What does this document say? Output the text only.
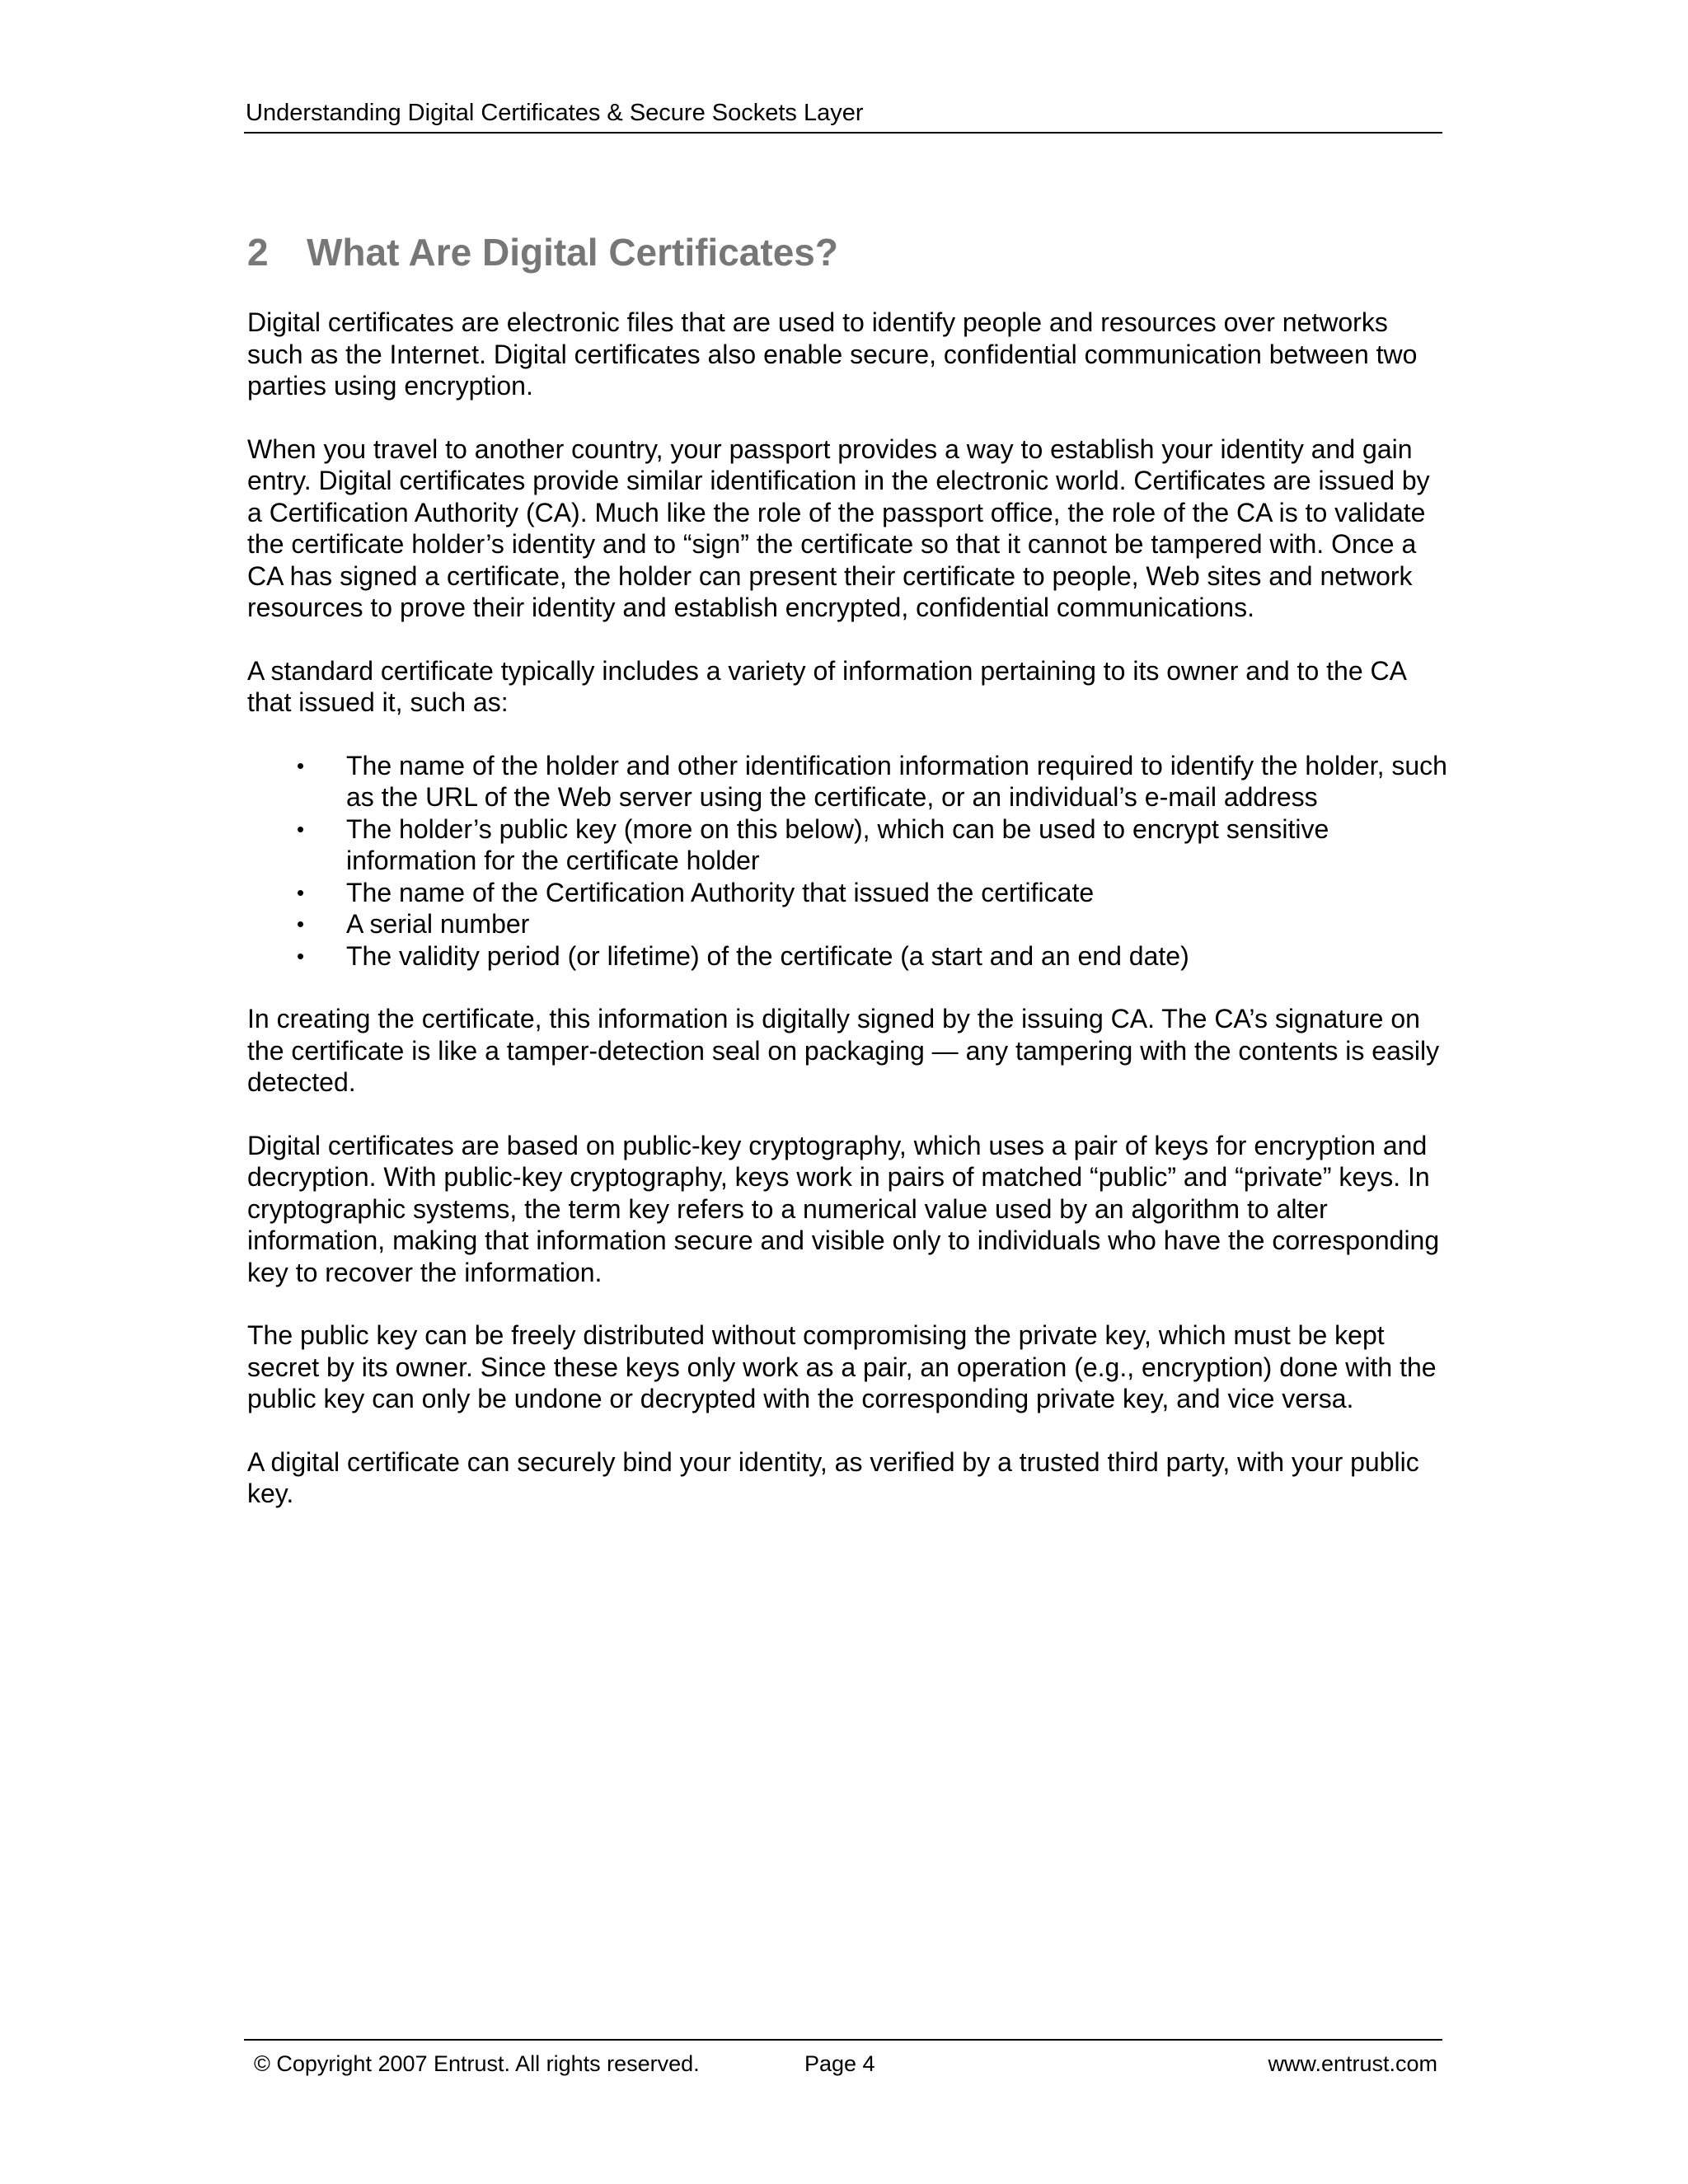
Understanding Digital Certificates & Secure Sockets Layer
2 What Are Digital Certificates?

Digital certificates are electronic files that are used to identify people and resources over networks such as the Internet. Digital certificates also enable secure, confidential communication between two parties using encryption.

When you travel to another country, your passport provides a way to establish your identity and gain entry. Digital certificates provide similar identification in the electronic world. Certificates are issued by a Certification Authority (CA). Much like the role of the passport office, the role of the CA is to validate the certificate holder’s identity and to “sign” the certificate so that it cannot be tampered with. Once a CA has signed a certificate, the holder can present their certificate to people, Web sites and network resources to prove their identity and establish encrypted, confidential communications.

A standard certificate typically includes a variety of information pertaining to its owner and to the CA that issued it, such as:

•	The name of the holder and other identification information required to identify the holder, such as the URL of the Web server using the certificate, or an individual’s e-mail address
•	The holder’s public key (more on this below), which can be used to encrypt sensitive information for the certificate holder
•	The name of the Certification Authority that issued the certificate
•	A serial number
•	The validity period (or lifetime) of the certificate (a start and an end date)

In creating the certificate, this information is digitally signed by the issuing CA. The CA’s signature on the certificate is like a tamper-detection seal on packaging — any tampering with the contents is easily detected.

Digital certificates are based on public-key cryptography, which uses a pair of keys for encryption and decryption. With public-key cryptography, keys work in pairs of matched “public” and “private” keys. In cryptographic systems, the term key refers to a numerical value used by an algorithm to alter information, making that information secure and visible only to individuals who have the corresponding key to recover the information.

The public key can be freely distributed without compromising the private key, which must be kept secret by its owner. Since these keys only work as a pair, an operation (e.g., encryption) done with the public key can only be undone or decrypted with the corresponding private key, and vice versa.

A digital certificate can securely bind your identity, as verified by a trusted third party, with your public key.

© Copyright 2007 Entrust. All rights reserved.	Page 4	www.entrust.com
